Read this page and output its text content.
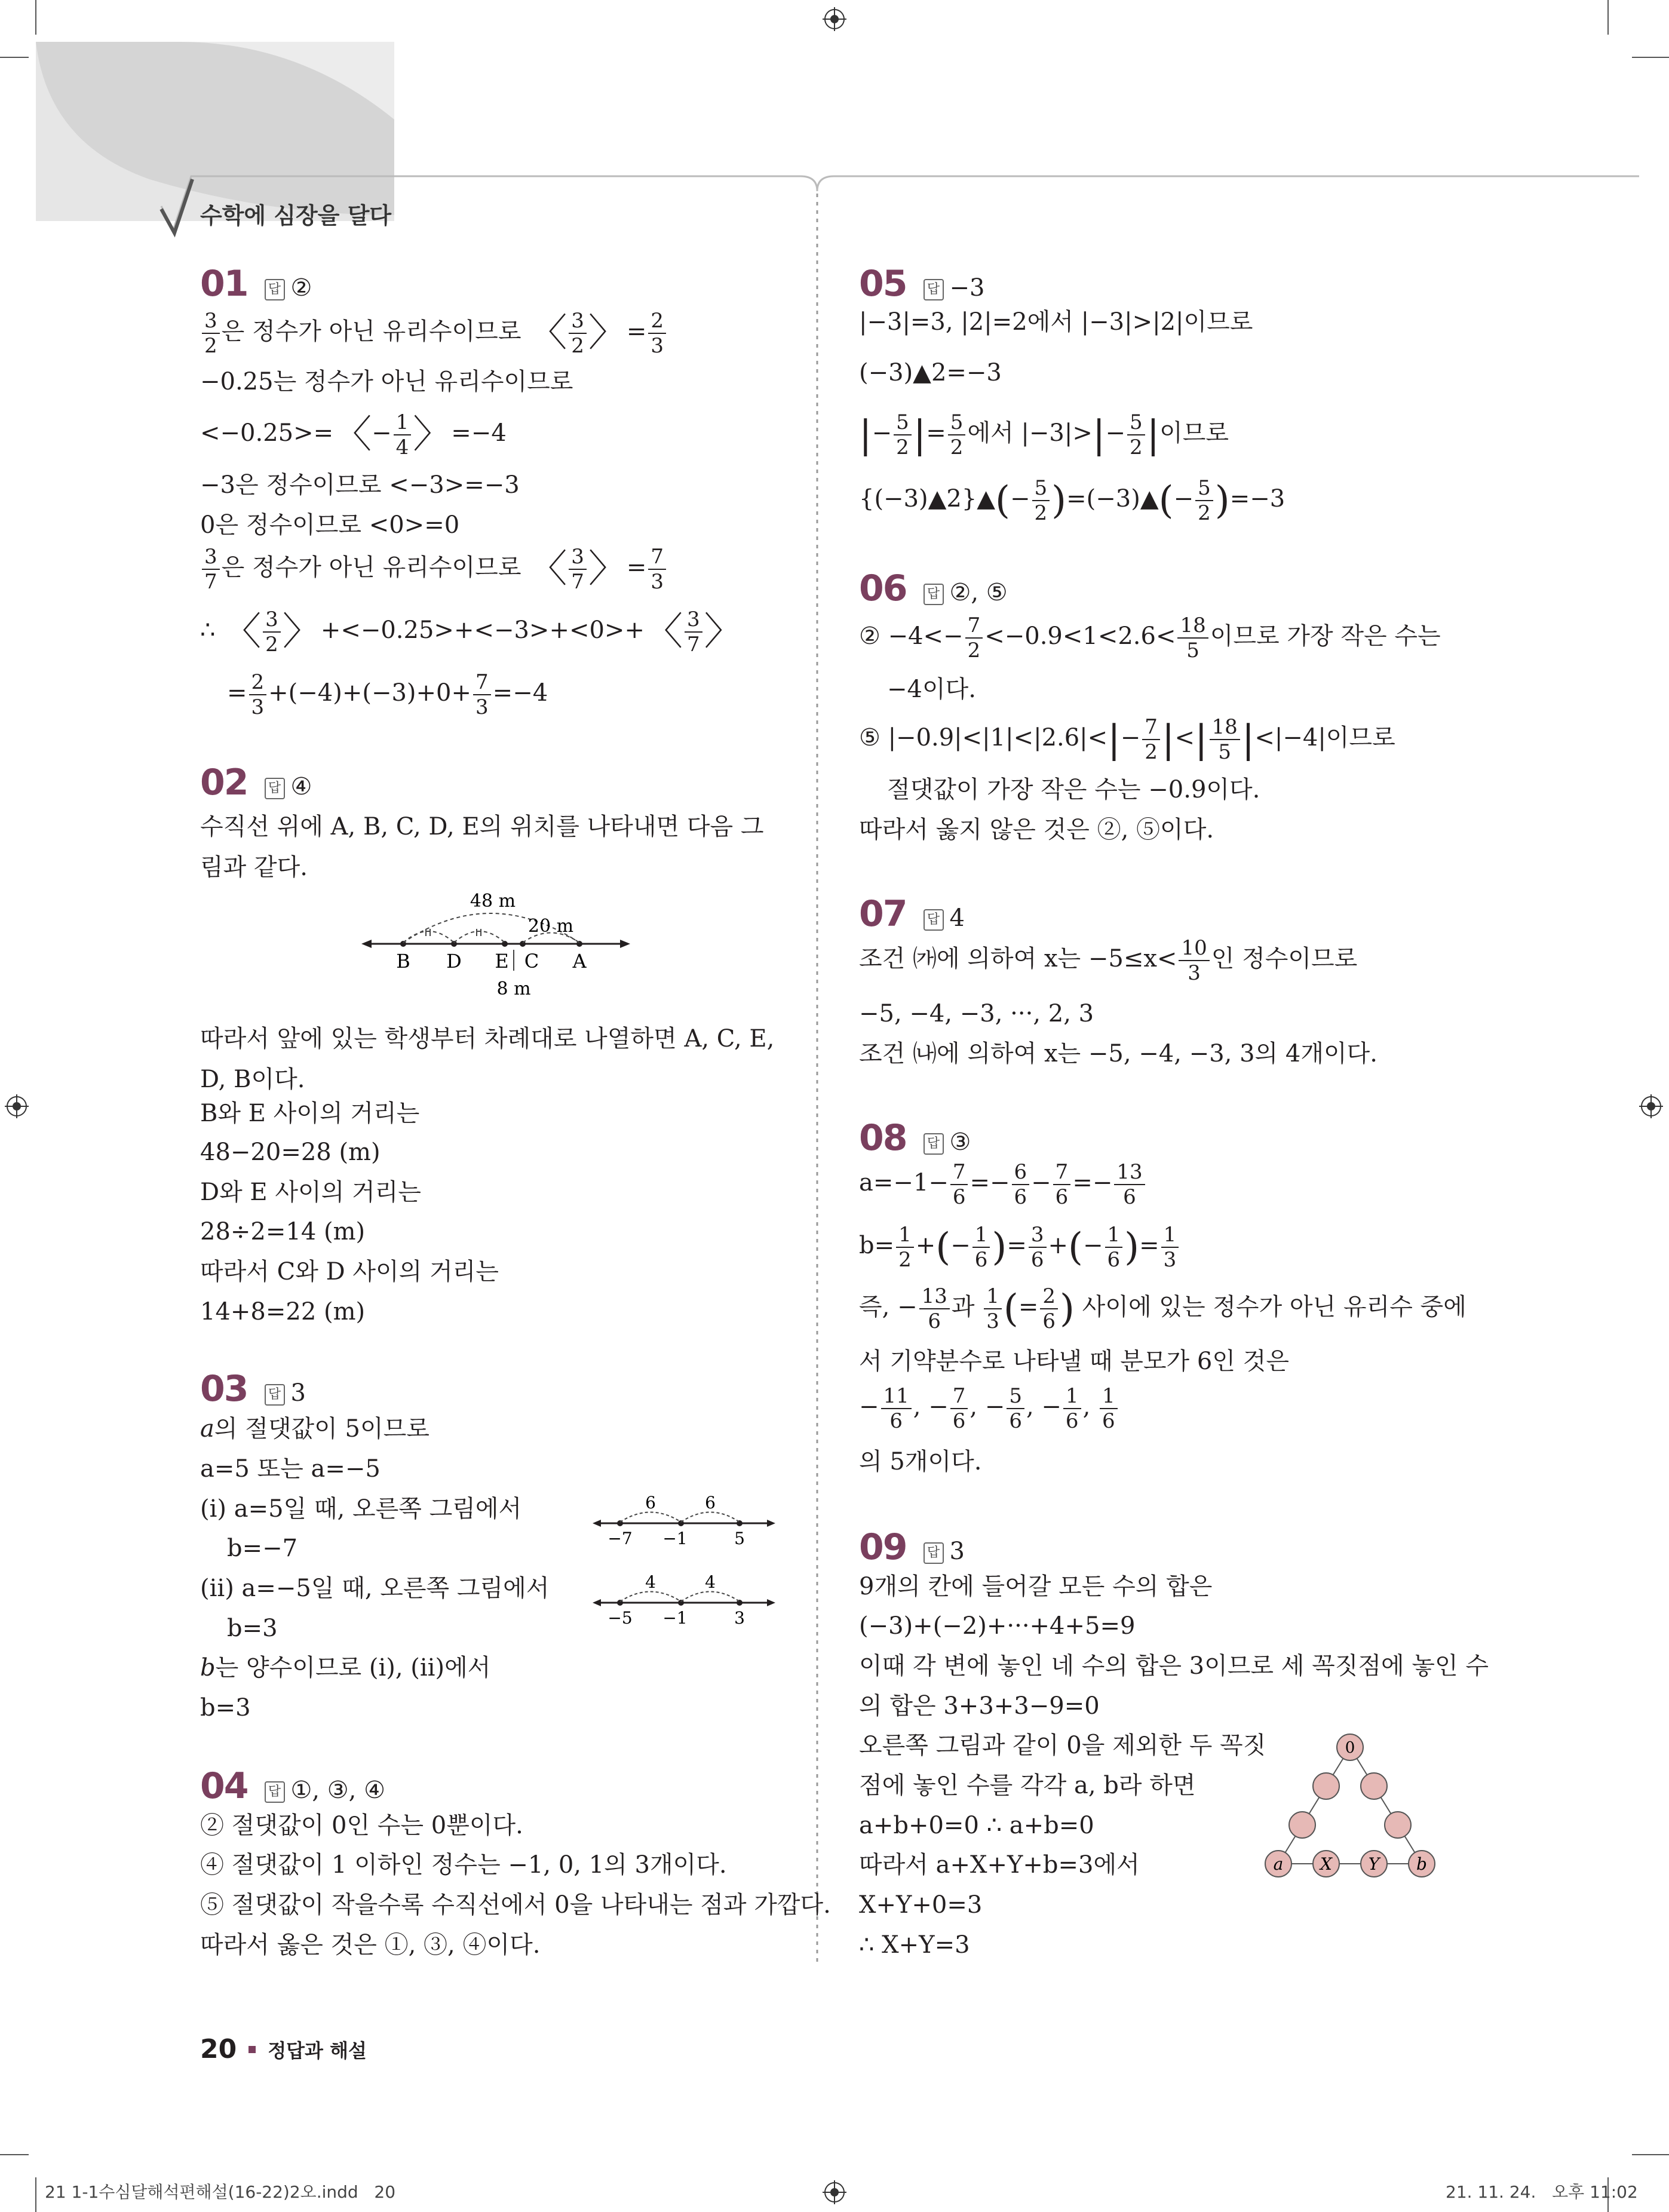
수학에 심장을 달다
01 답 ②
$\frac{3}{2}$ 은 정수가 아닌 유리수이므로 〈 $\frac{3}{2}$ 〉= $\frac{2}{3}$
−0.25는 정수가 아닌 유리수이므로
<−0.25>=〈− $\frac{1}{4}$ 〉=−4
−3은 정수이므로 <−3>=−3
0은 정수이므로 <0>=0
$\frac{3}{7}$ 은 정수가 아닌 유리수이므로 〈 $\frac{3}{7}$ 〉= $\frac{7}{3}$
∴ 〈 $\frac{3}{2}$ 〉+<−0.25>+<−3>+<0>+〈 $\frac{3}{7}$ 〉
= $\frac{2}{3} +(-4)+(-3)+0+ \frac{7}{3} =-4$
02 답 ④
수직선 위에 A, B, C, D, E의 위치를 나타내면 다음 그림과 같다.
48 m
20 m
8 m
B D E C A
따라서 앞에 있는 학생부터 차례대로 나열하면 A, C, E, D, B이다.
B와 E 사이의 거리는
48−20=28 (m)
D와 E 사이의 거리는
28÷2=14 (m)
따라서 C와 D 사이의 거리는
14+8=22 (m)
03 답 3
a의 절댓값이 5이므로
a=5 또는 a=−5
(ⅰ) a=5일 때, 오른쪽 그림에서
b=−7
(ⅱ) a=−5일 때, 오른쪽 그림에서
b=3
b는 양수이므로 (ⅰ), (ⅱ)에서
b=3
6	6
−7 −1	5
4	4
−5 −1	3
04 답 ①, ③, ④
② 절댓값이 0인 수는 0뿐이다.
④ 절댓값이 1 이하인 정수는 −1, 0, 1의 3개이다.
⑤ 절댓값이 작을수록 수직선에서 0을 나타내는 점과 가깝다.
따라서 옳은 것은 ①, ③, ④이다.
05 답 −3
|−3|=3, |2|=2에서 |−3|>|2|이므로
(−3)▲2=−3
|− $\frac{5}{2}$ |= $\frac{5}{2}$ 에서 $|-3|>|- \frac{5}{2}$ |이므로
{(−3)▲2}▲(− $\frac{5}{2}$ )=(−3)▲(− $\frac{5}{2} )=-3$
06 답 ②, ⑤
② $-4<- \frac{7}{2} <-0.9<1<2.6< \frac{18}{5}$ 이므로 가장 작은 수는
−4이다.
⑤ $|-0.9|<|1|<|2.6|<|- \frac{7}{2}$ |<| $\frac{18}{5} |<|-4|$이므로
절댓값이 가장 작은 수는 −0.9이다.
따라서 옳지 않은 것은 ②, ⑤이다.
07 답 4
조건 ㈎에 의하여 x는 $-5\le x< \frac{10}{3}$ 인 정수이므로
−5, −4, −3, ···, 2, 3
조건 ㈏에 의하여 x는 −5, −4, −3, 3의 4개이다.
08 답 ③
$a=-1- \frac{7}{6} =- \frac{6}{6} - \frac{7}{6} =- \frac{13}{6}$
$b= \frac{1}{2}$ +(− $\frac{1}{6}$ )= $\frac{3}{6}$ +(− $\frac{1}{6}$ )= $\frac{1}{3}$
즉, − $\frac{13}{6}$ 과 $\frac{1}{3}$ (= $\frac{2}{6}$ ) 사이에 있는 정수가 아닌 유리수 중에
서 기약분수로 나타낼 때 분모가 6인 것은
− $\frac{11}{6}$ , − $\frac{7}{6}$ , − $\frac{5}{6}$ , − $\frac{1}{6}$ , $\frac{1}{6}$
의 5개이다.
09 답 3
9개의 칸에 들어갈 모든 수의 합은
(−3)+(−2)+···+4+5=9
이때 각 변에 놓인 네 수의 합은 3이므로 세 꼭짓점에 놓인 수
의 합은 3+3+3−9=0
오른쪽 그림과 같이 0을 제외한 두 꼭짓
점에 놓인 수를 각각 a, b라 하면
a+b+0=0 ∴ a+b=0
따라서 a+X+Y+b=3에서
X+Y+0=3
∴ X+Y=3
0
a X Y b
20 정답과 해설
21 1-1수심달해석편해설(16-22)2오.indd   20	21. 11. 24.   오후 11:02
